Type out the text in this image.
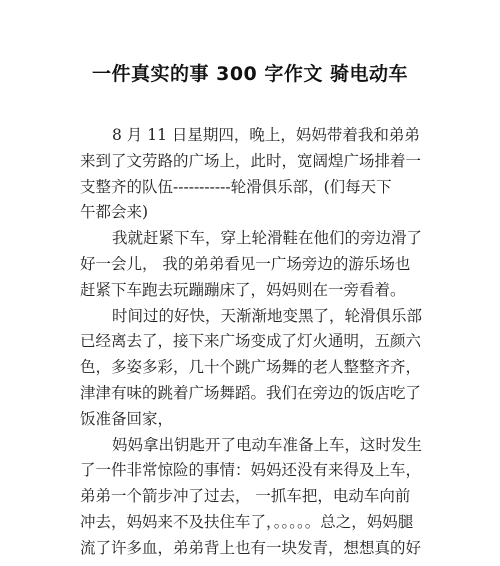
一件真实的事 300 字作文 骑电动车
8 月 11 日星期四，晚上，妈妈带着我和弟弟
来到了文劳路的广场上，此时，宽阔煌广场排着一
支整齐的队伍-----------轮滑俱乐部，(们每天下
午都会来)
我就赶紧下车，穿上轮滑鞋在他们的旁边滑了
好一会儿， 我的弟弟看见一广场旁边的游乐场也
赶紧下车跑去玩蹦蹦床了，妈妈则在一旁看着。
时间过的好快，天渐渐地变黑了，轮滑俱乐部
已经离去了，接下来广场变成了灯火通明，五颜六
色，多姿多彩，几十个跳广场舞的老人整整齐齐，
津津有味的跳着广场舞蹈。我们在旁边的饭店吃了
饭准备回家，
妈妈拿出钥匙开了电动车准备上车，这时发生
了一件非常惊险的事情：妈妈还没有来得及上车，
弟弟一个箭步冲了过去， 一抓车把，电动车向前
冲去，妈妈来不及扶住车了，。。。。。总之，妈妈腿
流了许多血，弟弟背上也有一块发青，想想真的好
